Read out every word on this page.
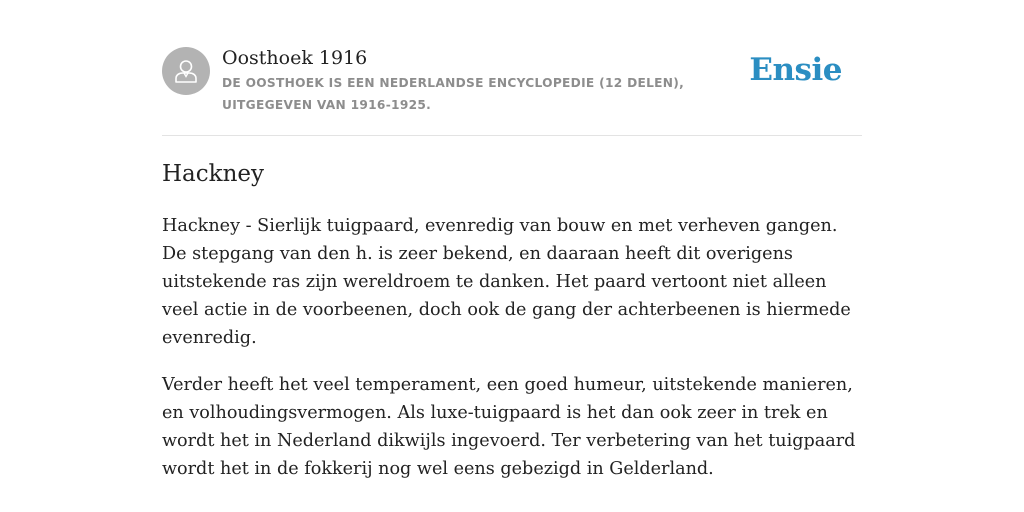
Oosthoek 1916
DE OOSTHOEK IS EEN NEDERLANDSE ENCYCLOPEDIE (12 DELEN), UITGEGEVEN VAN 1916-1925.
Ensie
Hackney

Hackney - Sierlijk tuigpaard, evenredig van bouw en met verheven gangen. De stepgang van den h. is zeer bekend, en daaraan heeft dit overigens uitstekende ras zijn wereldroem te danken. Het paard vertoont niet alleen veel actie in de voorbeenen, doch ook de gang der achterbeenen is hiermede evenredig.

Verder heeft het veel temperament, een goed humeur, uitstekende manieren, en volhoudingsvermogen. Als luxe-tuigpaard is het dan ook zeer in trek en wordt het in Nederland dikwijls ingevoerd. Ter verbetering van het tuigpaard wordt het in de fokkerij nog wel eens gebezigd in Gelderland.
